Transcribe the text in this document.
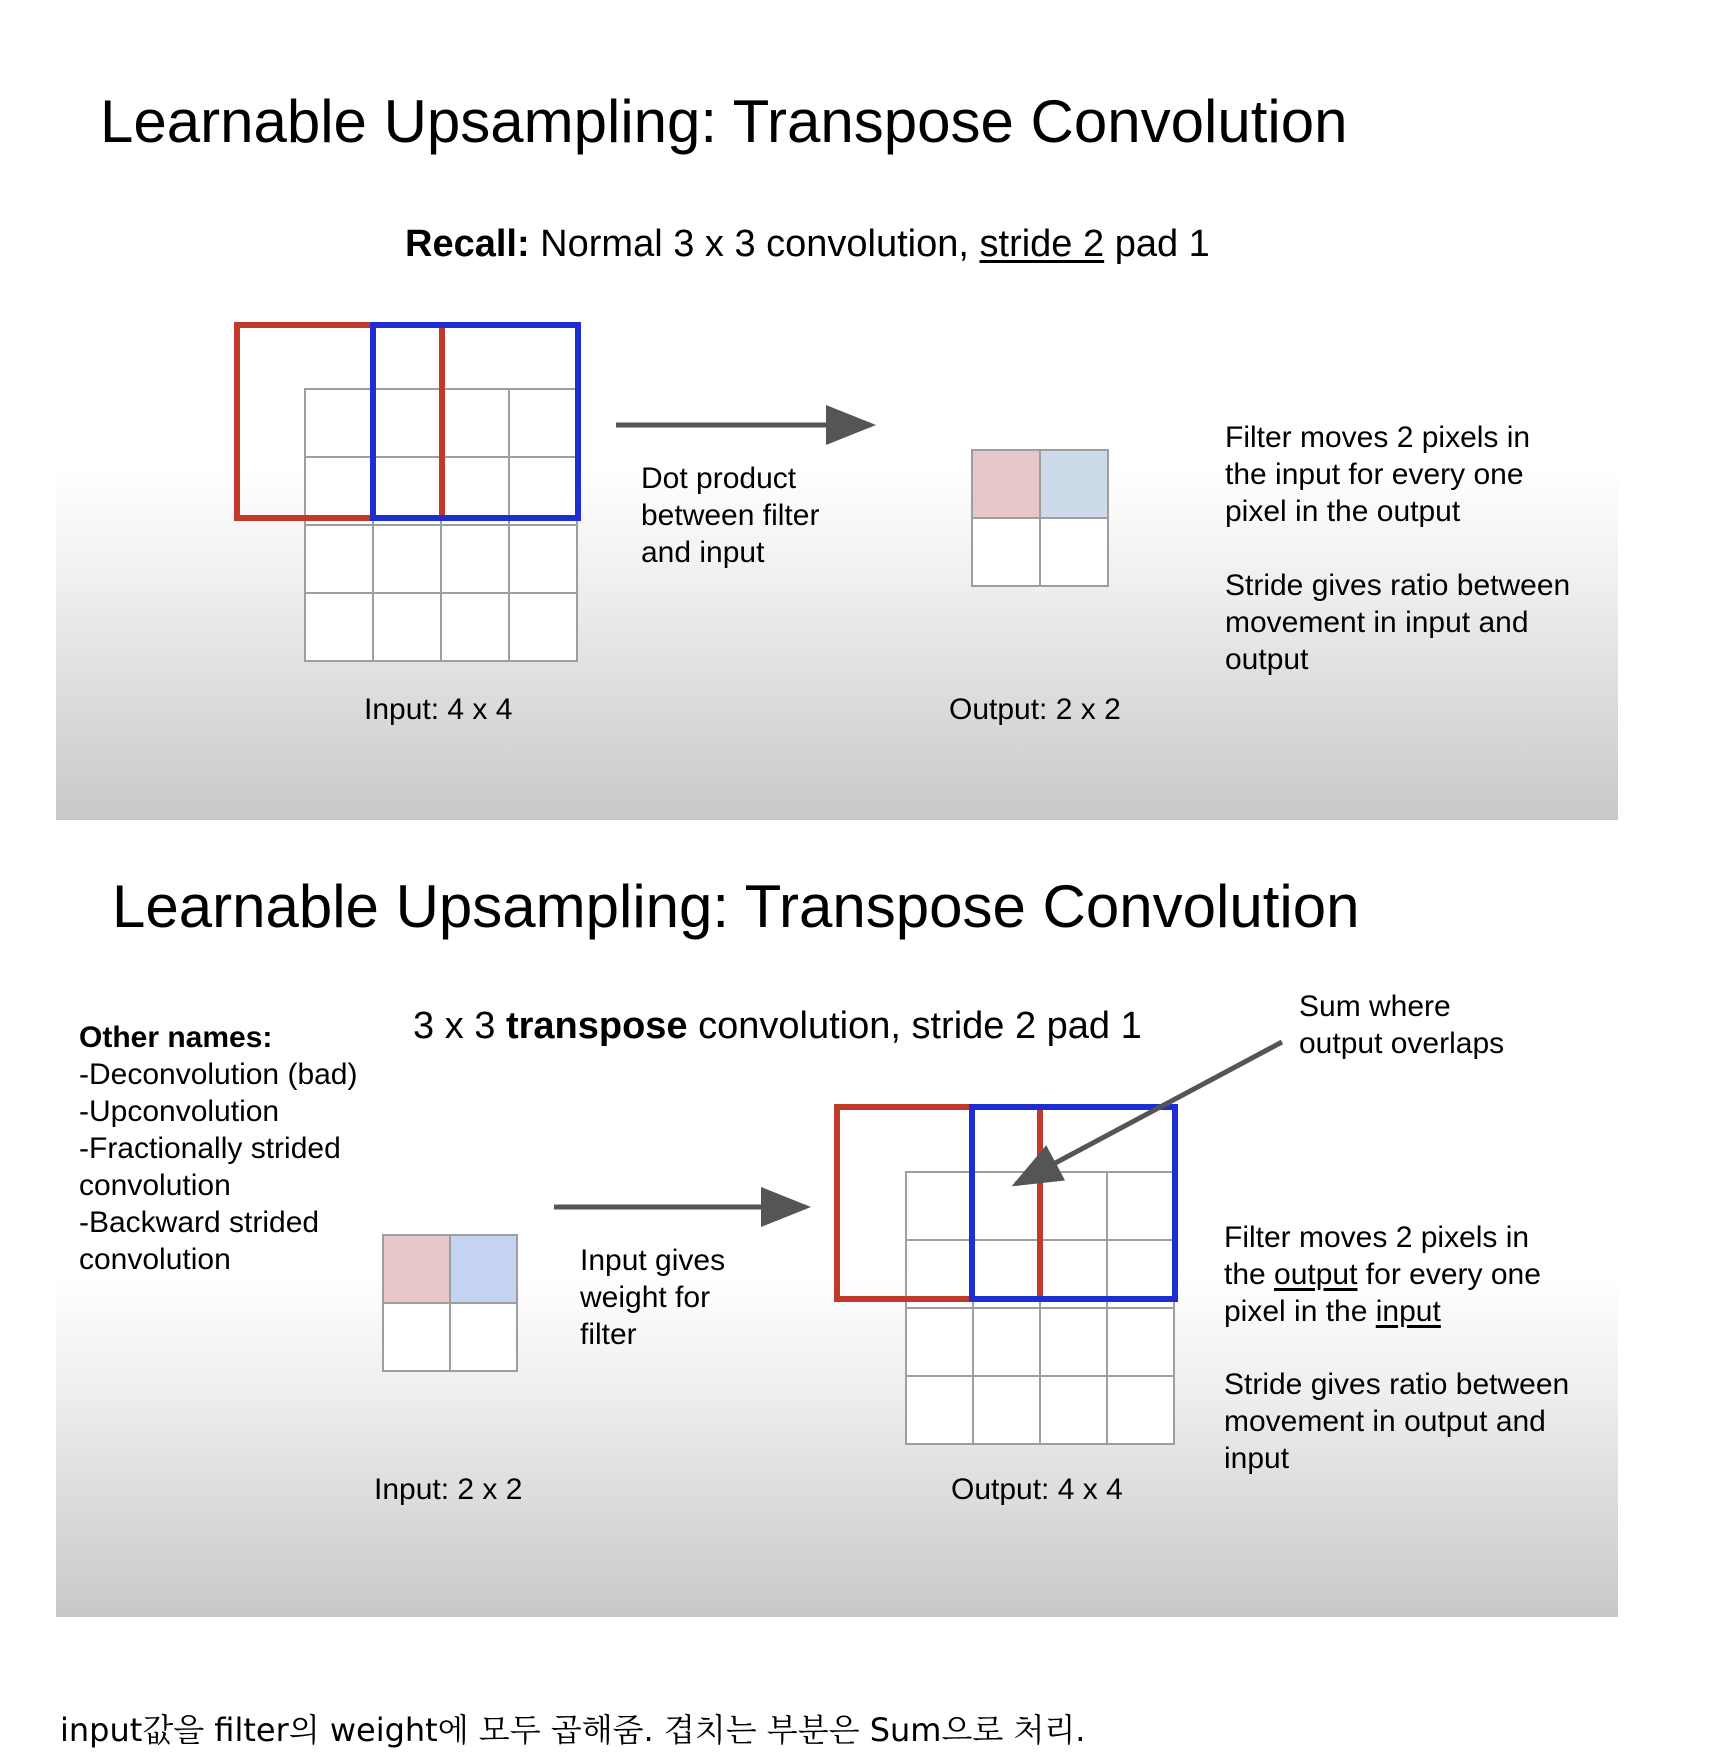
Learnable Upsampling: Transpose Convolution
Recall: Normal 3 x 3 convolution, stride 2 pad 1
Dot product
between filter
and input
Input: 4 x 4	Output: 2 x 2
Filter moves 2 pixels in
the input for every one
pixel in the output
Stride gives ratio between
movement in input and
output
Learnable Upsampling: Transpose Convolution
3 x 3 transpose convolution, stride 2 pad 1
Other names:
-Deconvolution (bad)
-Upconvolution
-Fractionally strided
convolution
-Backward strided
convolution	Input gives
weight for
filter
Sum where
output overlaps
Input: 2 x 2	Output: 4 x 4
Filter moves 2 pixels in
the output for every one
pixel in the input
Stride gives ratio between
movement in output and
input
input값을 filter의 weight에 모두 곱해줌. 겹치는 부분은 Sum으로 처리.
